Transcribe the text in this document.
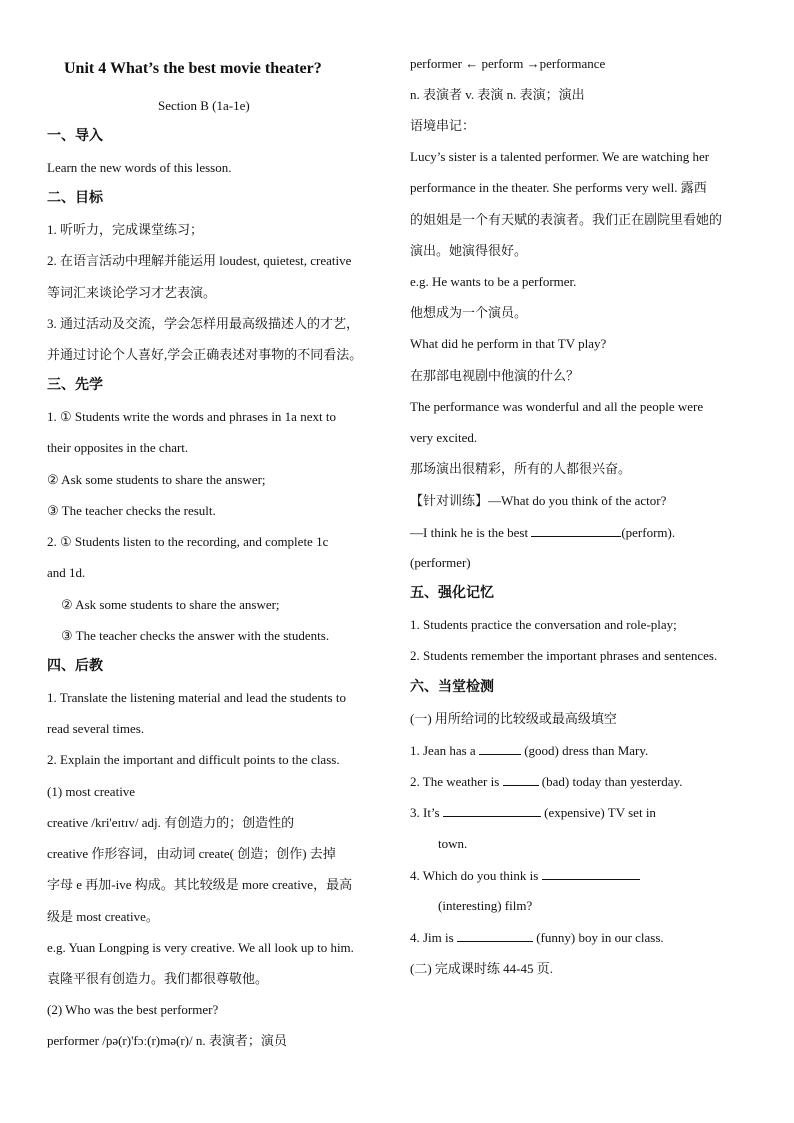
Unit 4 What’s the best movie theater?
Section B (1a-1e)
一、导入
Learn the new words of this lesson.
二、目标
1. 听听力，完成课堂练习；
2. 在语言活动中理解并能运用 loudest, quietest, creative
等词汇来谈论学习才艺表演。
3. 通过活动及交流，学会怎样用最高级描述人的才艺，
并通过讨论个人喜好,学会正确表述对事物的不同看法。
三、先学
1. ① Students write the words and phrases in 1a next to
their opposites in the chart.
② Ask some students to share the answer;
③ The teacher checks the result.
2. ① Students listen to the recording, and complete 1c
and 1d.
② Ask some students to share the answer;
③ The teacher checks the answer with the students.
四、后教
1. Translate the listening material and lead the students to
read several times.
2. Explain the important and difficult points to the class.
(1) most creative
creative /kri'eɪtɪv/ adj. 有创造力的；创造性的
creative 作形容词，由动词 create( 创造；创作) 去掉
字母 e 再加-ive 构成。其比较级是 more creative，最高
级是 most creative。
e.g. Yuan Longping is very creative. We all look up to him.
袁隆平很有创造力。我们都很尊敬他。
(2) Who was the best performer?
performer /pə(r)'fɔː(r)mə(r)/ n. 表演者；演员
performer ← perform →performance
n. 表演者 v. 表演 n. 表演；演出
语境串记：
Lucy’s sister is a talented performer. We are watching her
performance in the theater. She performs very well. 露西
的姐姐是一个有天赋的表演者。我们正在剧院里看她的
演出。她演得很好。
e.g. He wants to be a performer.
他想成为一个演员。
What did he perform in that TV play?
在那部电视剧中他演的什么？
The performance was wonderful and all the people were
very excited.
那场演出很精彩，所有的人都很兴奋。
【针对训练】—What do you think of the actor?
—I think he is the best	(perform).
(performer)
五、强化记忆
1. Students practice the conversation and role-play;
2. Students remember the important phrases and sentences.
六、当堂检测
(一) 用所给词的比较级或最高级填空
1. Jean has a	(good) dress than Mary.
2. The weather is	(bad) today than yesterday.
3. It’s	(expensive) TV set in
town.
4. Which do you think is
(interesting) film?
4. Jim is	(funny) boy in our class.
(二) 完成课时练 44-45 页.
